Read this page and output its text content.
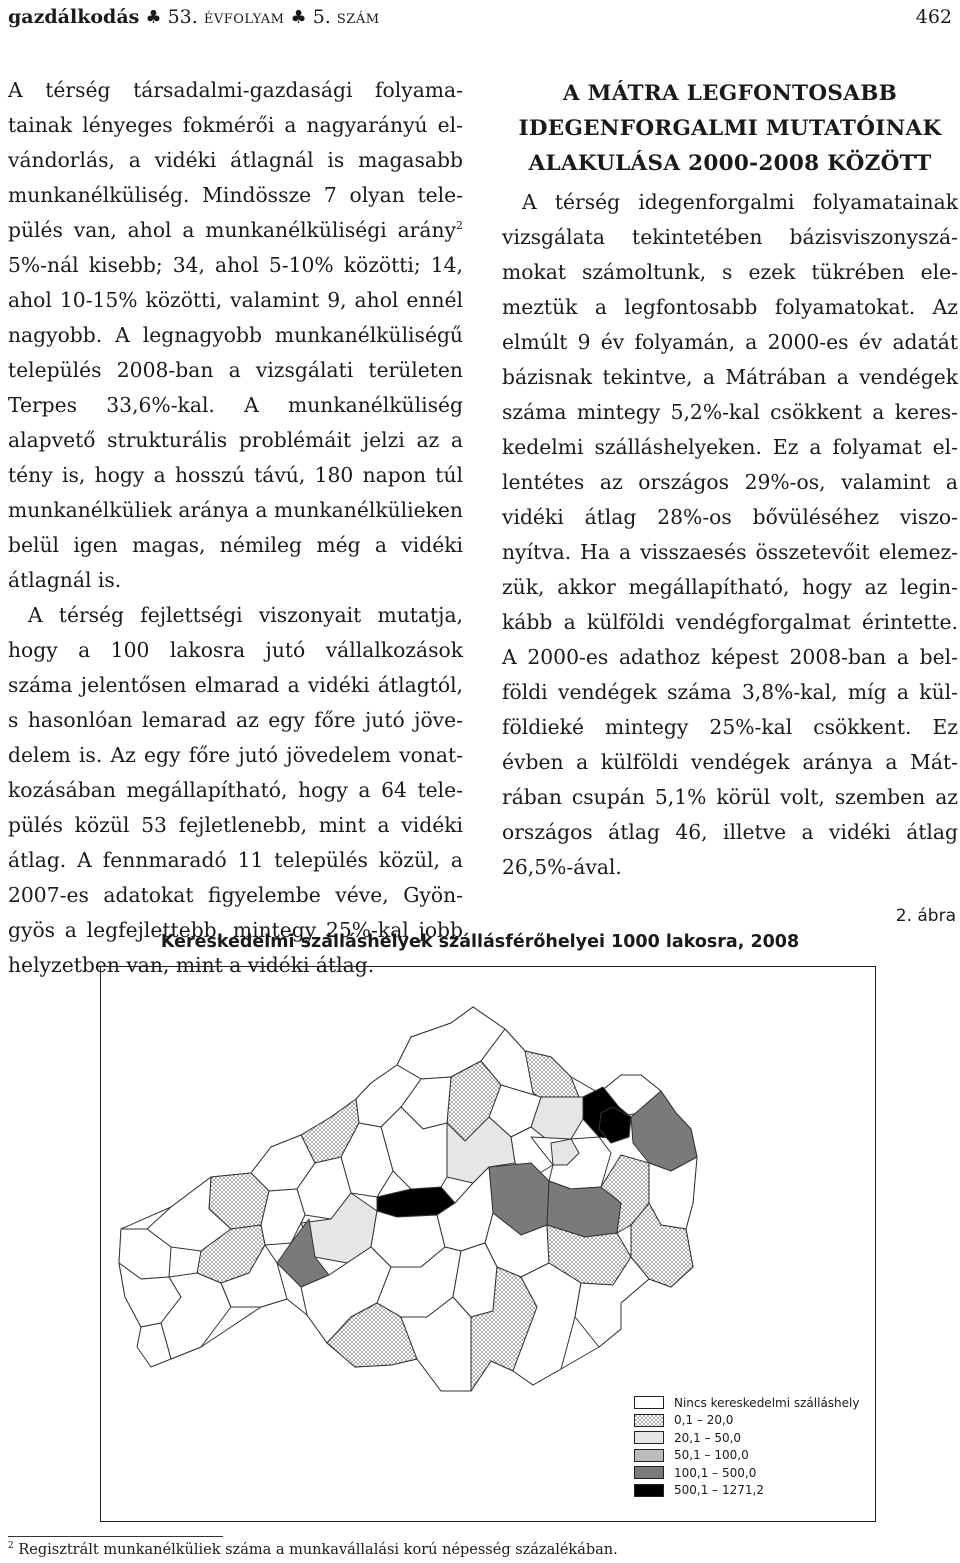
gazdálkodás ♣ 53. ÉVFOLYAM ♣ 5. SZÁM	462

A térség társadalmi-gazdasági folyamatainak lényeges fokmérői a nagyarányú elvándorlás, a vidéki átlagnál is magasabb munkanélküliség. Mindössze 7 olyan település van, ahol a munkanélküliségi arány$^2$ 5%-nál kisebb; 34, ahol 5-10% közötti; 14, ahol 10-15% közötti, valamint 9, ahol ennél nagyobb. A legnagyobb munkanélküliségű település 2008-ban a vizsgálati területen Terpes 33,6%-kal. A munkanélküliség alapvető strukturális problémáit jelzi az a tény is, hogy a hosszú távú, 180 napon túl munkanélküliek aránya a munkanélkülieken belül igen magas, némileg még a vidéki átlagnál is.

A térség fejlettségi viszonyait mutatja, hogy a 100 lakosra jutó vállalkozások száma jelentősen elmarad a vidéki átlagtól, s hasonlóan lemarad az egy főre jutó jövedelem is. Az egy főre jutó jövedelem vonatkozásában megállapítható, hogy a 64 település közül 53 fejletlenebb, mint a vidéki átlag. A fennmaradó 11 település közül, a 2007-es adatokat figyelembe véve, Gyöngyös a legfejlettebb, mintegy 25%-kal jobb helyzetben van, mint a vidéki átlag.

A MÁTRA LEGFONTOSABB
IDEGENFORGALMI MUTATÓINAK
ALAKULÁSA 2000-2008 KÖZÖTT

A térség idegenforgalmi folyamatainak vizsgálata tekintetében bázisviszonyszámokat számoltunk, s ezek tükrében elemeztük a legfontosabb folyamatokat. Az elmúlt 9 év folyamán, a 2000-es év adatát bázisnak tekintve, a Mátrában a vendégek száma mintegy 5,2%-kal csökkent a kereskedelmi szálláshelyeken. Ez a folyamat ellentétes az országos 29%-os, valamint a vidéki átlag 28%-os bővüléséhez viszonyítva. Ha a visszaesés összetevőit elemezzük, akkor megállapítható, hogy az leginkább a külföldi vendégforgalmat érintette. A 2000-es adathoz képest 2008-ban a belföldi vendégek száma 3,8%-kal, míg a külföldieké mintegy 25%-kal csökkent. Ez évben a külföldi vendégek aránya a Mátrában csupán 5,1% körül volt, szemben az országos átlag 46, illetve a vidéki átlag 26,5%-ával.

2. ábra
Kereskedelmi szálláshelyek szállásférőhelyei 1000 lakosra, 2008
Nincs kereskedelmi szálláshely
0,1 – 20,0
20,1 – 50,0
50,1 – 100,0
100,1 – 500,0
500,1 – 1271,2
$^2$ Regisztrált munkanélküliek száma a munkavállalási korú népesség százalékában.
